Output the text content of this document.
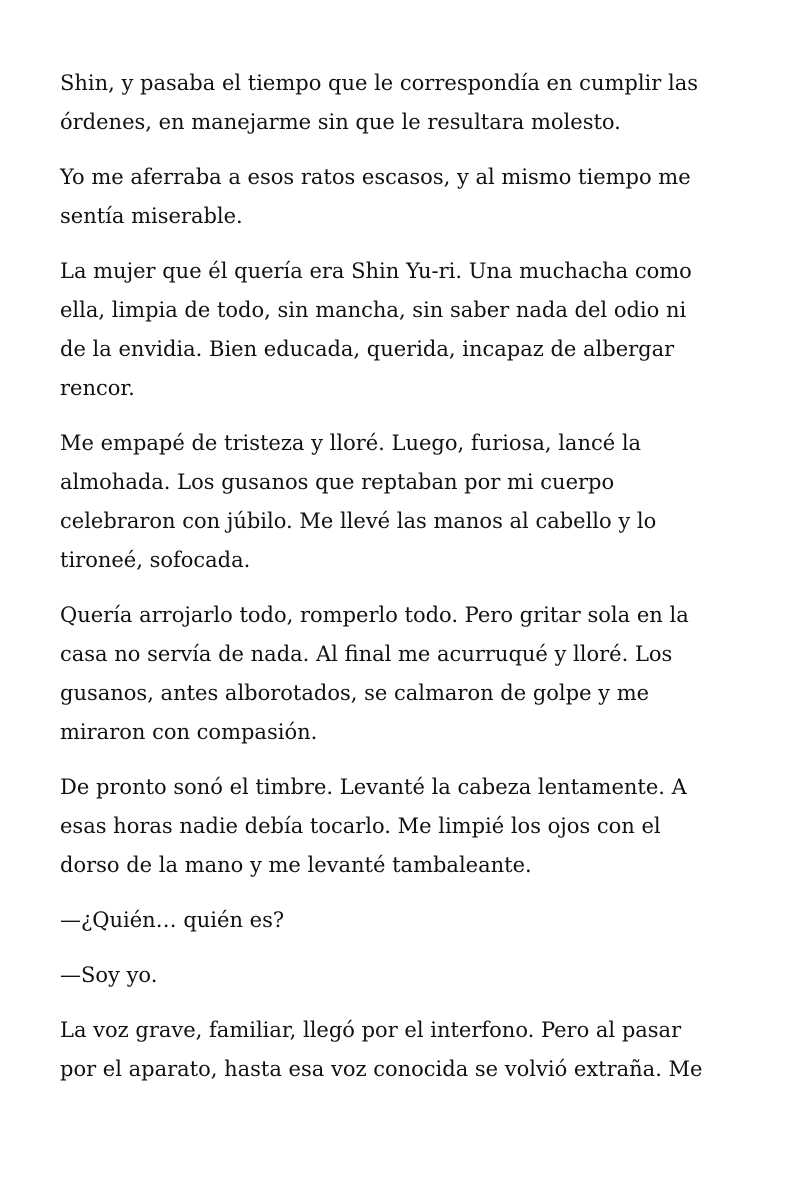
Shin, y pasaba el tiempo que le correspondía en cumplir las
órdenes, en manejarme sin que le resultara molesto.

Yo me aferraba a esos ratos escasos, y al mismo tiempo me
sentía miserable.

La mujer que él quería era Shin Yu-ri. Una muchacha como
ella, limpia de todo, sin mancha, sin saber nada del odio ni
de la envidia. Bien educada, querida, incapaz de albergar
rencor.

Me empapé de tristeza y lloré. Luego, furiosa, lancé la
almohada. Los gusanos que reptaban por mi cuerpo
celebraron con júbilo. Me llevé las manos al cabello y lo
tironeé, sofocada.

Quería arrojarlo todo, romperlo todo. Pero gritar sola en la
casa no servía de nada. Al final me acurruqué y lloré. Los
gusanos, antes alborotados, se calmaron de golpe y me
miraron con compasión.

De pronto sonó el timbre. Levanté la cabeza lentamente. A
esas horas nadie debía tocarlo. Me limpié los ojos con el
dorso de la mano y me levanté tambaleante.

—¿Quién… quién es?

—Soy yo.

La voz grave, familiar, llegó por el interfono. Pero al pasar
por el aparato, hasta esa voz conocida se volvió extraña. Me
